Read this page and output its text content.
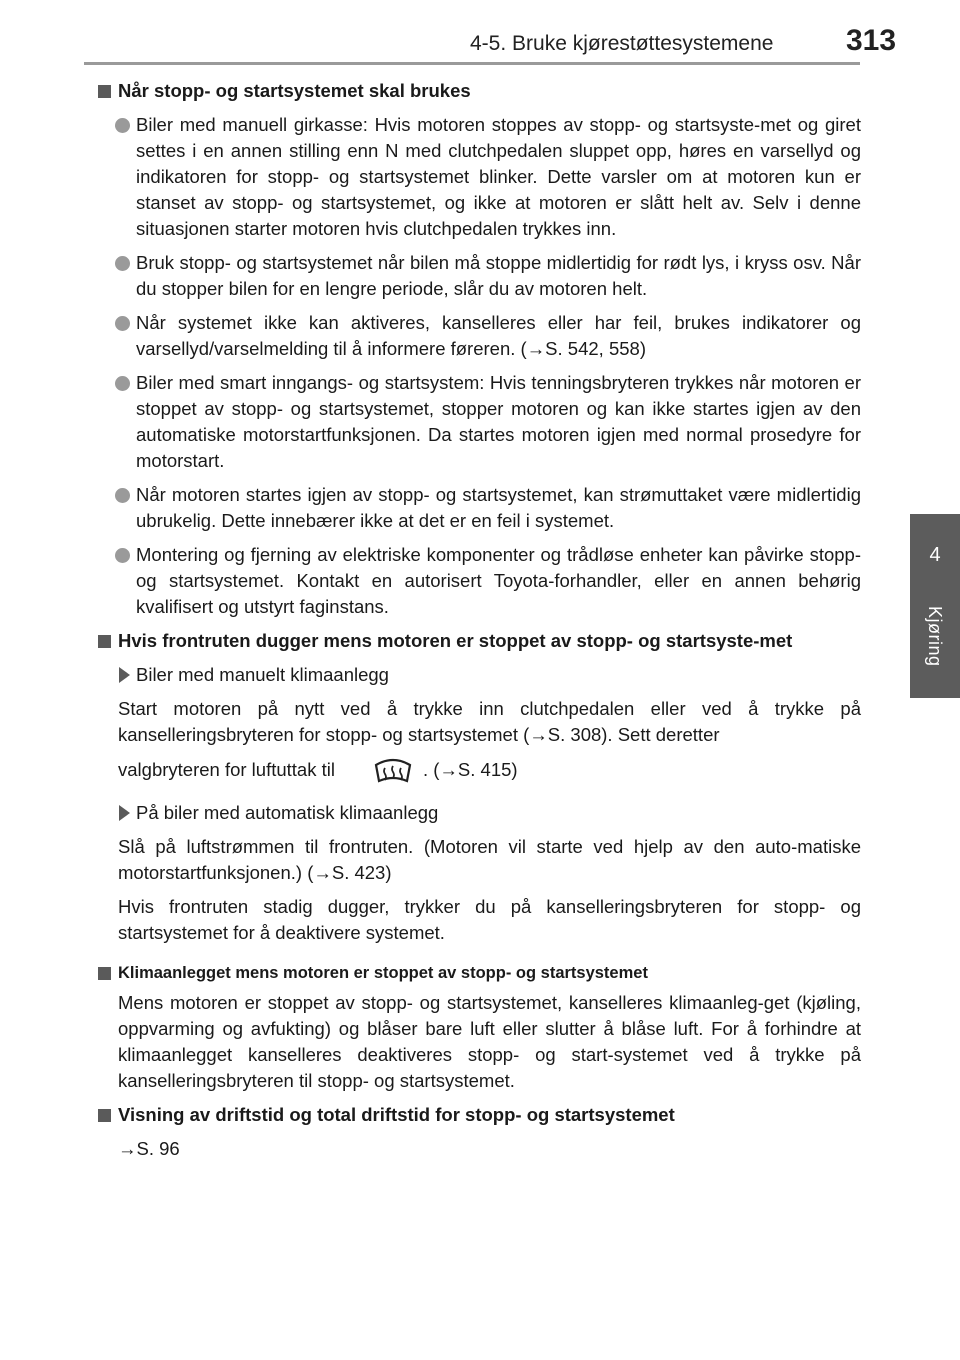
4-5. Bruke kjørestøttesystemene 313
4
Kjøring
Når stopp- og startsystemet skal brukes
Biler med manuell girkasse: Hvis motoren stoppes av stopp- og startsyste-met og giret settes i en annen stilling enn N med clutchpedalen sluppet opp, høres en varsellyd og indikatoren for stopp- og startsystemet blinker. Dette varsler om at motoren kun er stanset av stopp- og startsystemet, og ikke at motoren er slått helt av. Selv i denne situasjonen starter motoren hvis clutchpedalen trykkes inn.
Bruk stopp- og startsystemet når bilen må stoppe midlertidig for rødt lys, i kryss osv. Når du stopper bilen for en lengre periode, slår du av motoren helt.
Når systemet ikke kan aktiveres, kanselleres eller har feil, brukes indikatorer og varsellyd/varselmelding til å informere føreren. (→S. 542, 558)
Biler med smart inngangs- og startsystem: Hvis tenningsbryteren trykkes når motoren er stoppet av stopp- og startsystemet, stopper motoren og kan ikke startes igjen av den automatiske motorstartfunksjonen. Da startes motoren igjen med normal prosedyre for motorstart.
Når motoren startes igjen av stopp- og startsystemet, kan strømuttaket være midlertidig ubrukelig. Dette innebærer ikke at det er en feil i systemet.
Montering og fjerning av elektriske komponenter og trådløse enheter kan påvirke stopp- og startsystemet. Kontakt en autorisert Toyota-forhandler, eller en annen behørig kvalifisert og utstyrt faginstans.
Hvis frontruten dugger mens motoren er stoppet av stopp- og startsyste-met
Biler med manuelt klimaanlegg
Start motoren på nytt ved å trykke inn clutchpedalen eller ved å trykke på kanselleringsbryteren for stopp- og startsystemet (→S. 308). Sett deretter
valgbryteren for luftuttak til	. (→S. 415)
På biler med automatisk klimaanlegg
Slå på luftstrømmen til frontruten. (Motoren vil starte ved hjelp av den auto-matiske motorstartfunksjonen.) (→S. 423)
Hvis frontruten stadig dugger, trykker du på kanselleringsbryteren for stopp- og startsystemet for å deaktivere systemet.
Klimaanlegget mens motoren er stoppet av stopp- og startsystemet
Mens motoren er stoppet av stopp- og startsystemet, kanselleres klimaanleg-get (kjøling, oppvarming og avfukting) og blåser bare luft eller slutter å blåse luft. For å forhindre at klimaanlegget kanselleres deaktiveres stopp- og start-systemet ved å trykke på kanselleringsbryteren til stopp- og startsystemet.
Visning av driftstid og total driftstid for stopp- og startsystemet
→S. 96
